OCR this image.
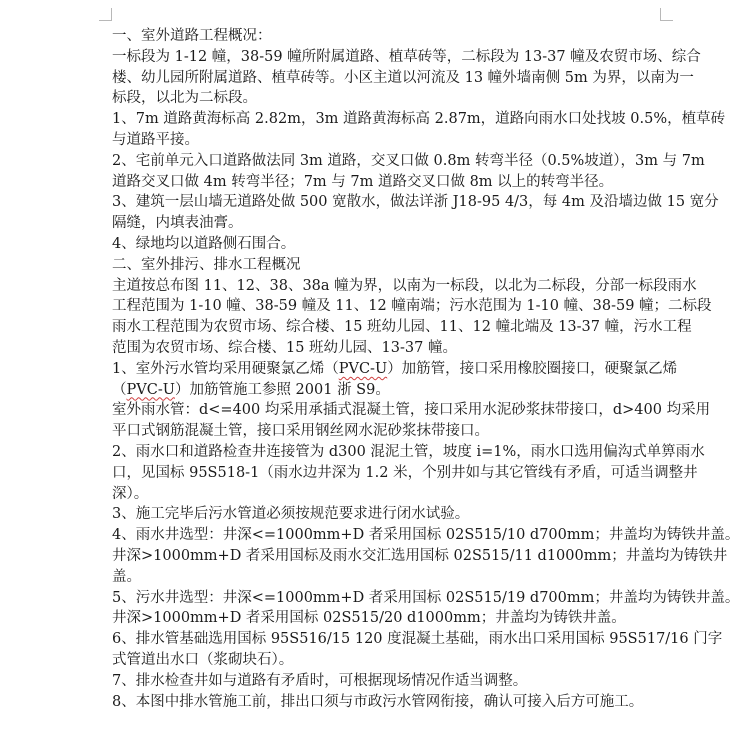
一、室外道路工程概况：
一标段为 1-12 幢，38-59 幢所附属道路、植草砖等，二标段为 13-37 幢及农贸市场、综合
楼、幼儿园所附属道路、植草砖等。小区主道以河流及 13 幢外墙南侧 5m 为界，以南为一
标段，以北为二标段。
1、7m 道路黄海标高 2.82m，3m 道路黄海标高 2.87m，道路向雨水口处找坡 0.5%，植草砖
与道路平接。
2、宅前单元入口道路做法同 3m 道路，交叉口做 0.8m 转弯半径（0.5%坡道），3m 与 7m
道路交叉口做 4m 转弯半径；7m 与 7m 道路交叉口做 8m 以上的转弯半径。
3、建筑一层山墙无道路处做 500 宽散水，做法详浙 J18-95 4/3，每 4m 及沿墙边做 15 宽分
隔缝，内填表油膏。
4、绿地均以道路侧石围合。
二、室外排污、排水工程概况
主道按总布图 11、12、38、38a 幢为界，以南为一标段，以北为二标段，分部一标段雨水
工程范围为 1-10 幢、38-59 幢及 11、12 幢南端；污水范围为 1-10 幢、38-59 幢；二标段
雨水工程范围为农贸市场、综合楼、15 班幼儿园、11、12 幢北端及 13-37 幢，污水工程
范围为农贸市场、综合楼、15 班幼儿园、13-37 幢。
1、室外污水管均采用硬聚氯乙烯（PVC-U）加筋管，接口采用橡胶圈接口，硬聚氯乙烯
（PVC-U）加筋管施工参照 2001 浙 S9。
室外雨水管：d<=400 均采用承插式混凝土管，接口采用水泥砂浆抹带接口，d>400 均采用
平口式钢筋混凝土管，接口采用钢丝网水泥砂浆抹带接口。
2、雨水口和道路检查井连接管为 d300 混泥土管，坡度 i=1%，雨水口选用偏沟式单箅雨水
口，见国标 95S518-1（雨水边井深为 1.2 米，个别井如与其它管线有矛盾，可适当调整井
深）。
3、施工完毕后污水管道必须按规范要求进行闭水试验。
4、雨水井选型：井深<=1000mm+D 者采用国标 02S515/10 d700mm；井盖均为铸铁井盖。
井深>1000mm+D 者采用国标及雨水交汇选用国标 02S515/11 d1000mm；井盖均为铸铁井
盖。
5、污水井选型：井深<=1000mm+D 者采用国标 02S515/19 d700mm；井盖均为铸铁井盖。
井深>1000mm+D 者采用国标 02S515/20 d1000mm；井盖均为铸铁井盖。
6、排水管基础选用国标 95S516/15 120 度混凝土基础，雨水出口采用国标 95S517/16 门字
式管道出水口（浆砌块石）。
7、排水检查井如与道路有矛盾时，可根据现场情况作适当调整。
8、本图中排水管施工前，排出口须与市政污水管网衔接，确认可接入后方可施工。
